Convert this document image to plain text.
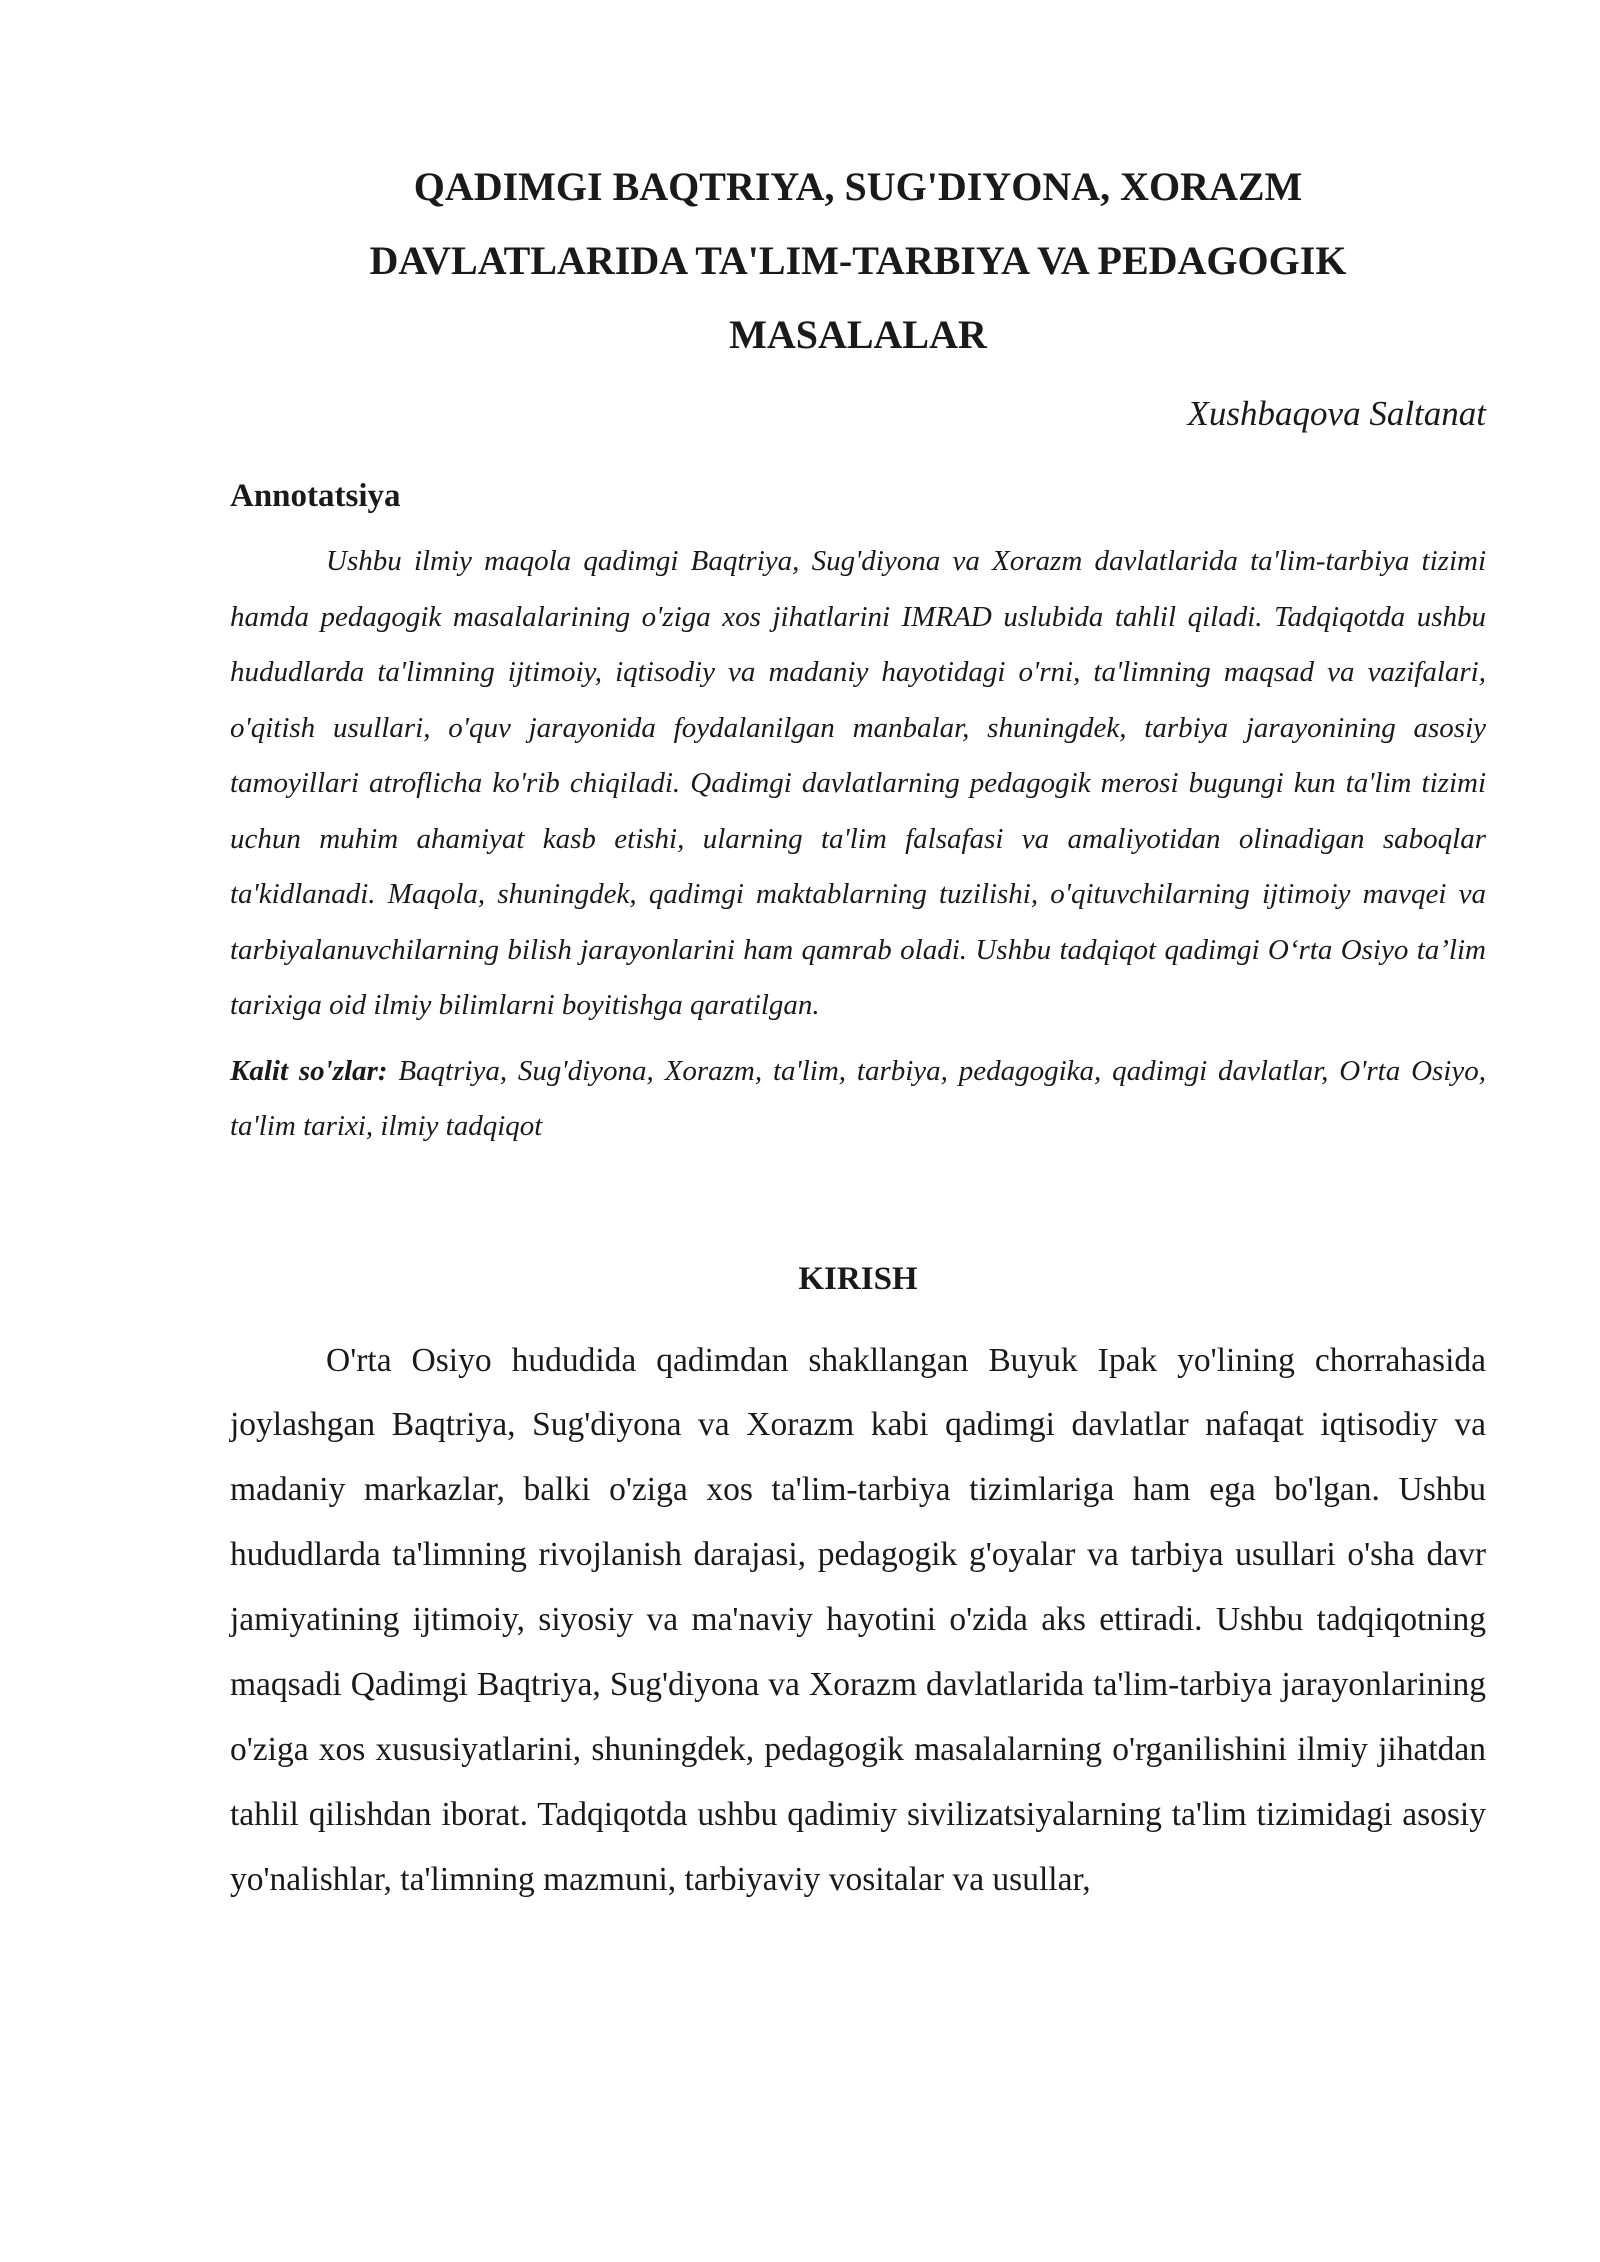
QADIMGI BAQTRIYA, SUG'DIYONA, XORAZM
DAVLATLARIDA TA'LIM-TARBIYA VA PEDAGOGIK
MASALALAR
Xushbaqova Saltanat
Annotatsiya

Ushbu ilmiy maqola qadimgi Baqtriya, Sug'diyona va Xorazm davlatlarida ta'lim-tarbiya tizimi hamda pedagogik masalalarining o'ziga xos jihatlarini IMRAD uslubida tahlil qiladi. Tadqiqotda ushbu hududlarda ta'limning ijtimoiy, iqtisodiy va madaniy hayotidagi o'rni, ta'limning maqsad va vazifalari, o'qitish usullari, o'quv jarayonida foydalanilgan manbalar, shuningdek, tarbiya jarayonining asosiy tamoyillari atroflicha ko'rib chiqiladi. Qadimgi davlatlarning pedagogik merosi bugungi kun ta'lim tizimi uchun muhim ahamiyat kasb etishi, ularning ta'lim falsafasi va amaliyotidan olinadigan saboqlar ta'kidlanadi. Maqola, shuningdek, qadimgi maktablarning tuzilishi, o'qituvchilarning ijtimoiy mavqei va tarbiyalanuvchilarning bilish jarayonlarini ham qamrab oladi. Ushbu tadqiqot qadimgi O‘rta Osiyo ta’lim tarixiga oid ilmiy bilimlarni boyitishga qaratilgan.

Kalit so'zlar: Baqtriya, Sug'diyona, Xorazm, ta'lim, tarbiya, pedagogika, qadimgi davlatlar, O'rta Osiyo, ta'lim tarixi, ilmiy tadqiqot

KIRISH

O'rta Osiyo hududida qadimdan shakllangan Buyuk Ipak yo'lining chorrahasida joylashgan Baqtriya, Sug'diyona va Xorazm kabi qadimgi davlatlar nafaqat iqtisodiy va madaniy markazlar, balki o'ziga xos ta'lim-tarbiya tizimlariga ham ega bo'lgan. Ushbu hududlarda ta'limning rivojlanish darajasi, pedagogik g'oyalar va tarbiya usullari o'sha davr jamiyatining ijtimoiy, siyosiy va ma'naviy hayotini o'zida aks ettiradi. Ushbu tadqiqotning maqsadi Qadimgi Baqtriya, Sug'diyona va Xorazm davlatlarida ta'lim-tarbiya jarayonlarining o'ziga xos xususiyatlarini, shuningdek, pedagogik masalalarning o'rganilishini ilmiy jihatdan tahlil qilishdan iborat. Tadqiqotda ushbu qadimiy sivilizatsiyalarning ta'lim tizimidagi asosiy yo'nalishlar, ta'limning mazmuni, tarbiyaviy vositalar va usullar,
